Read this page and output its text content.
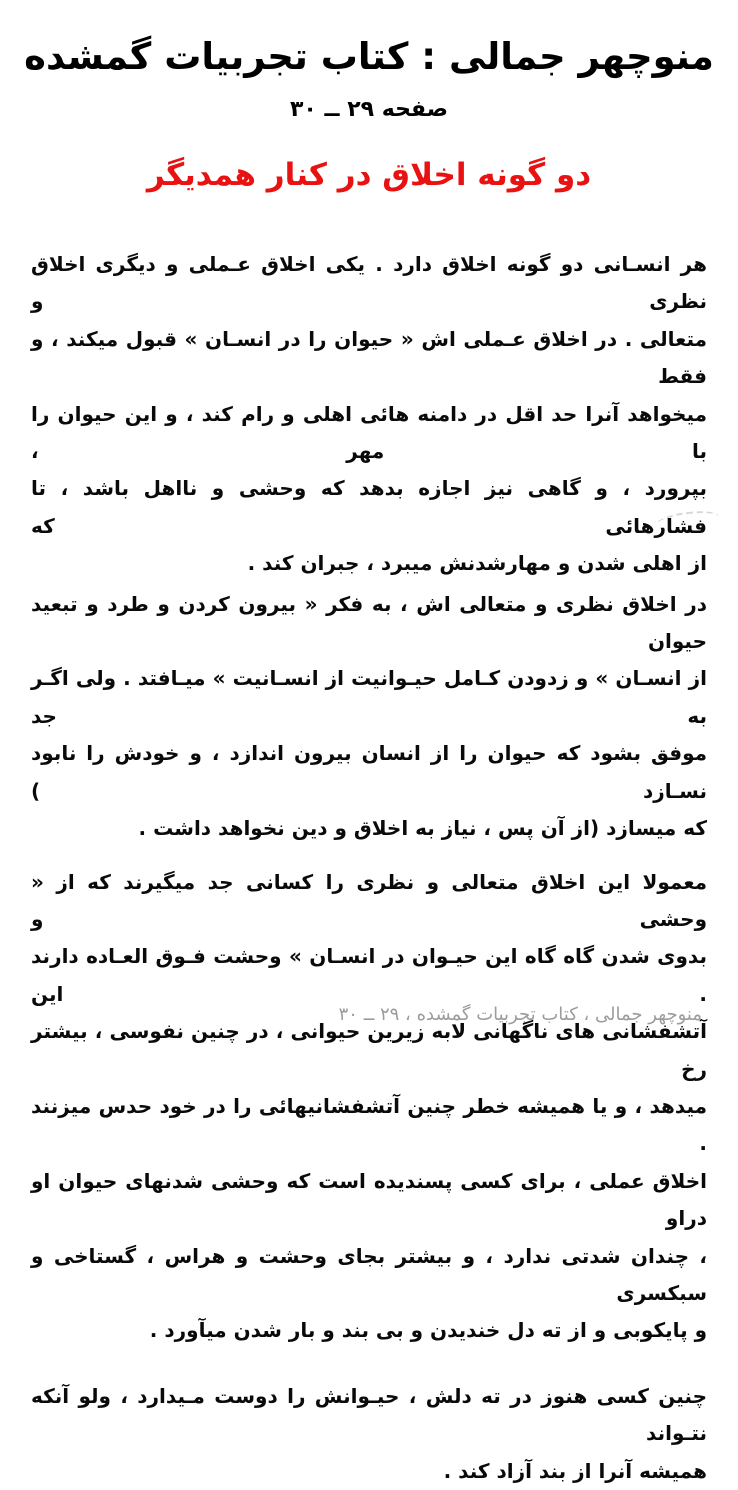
منوچهر جمالی : کتاب تجربیات گمشده
صفحه ۲۹ ــ ۳۰
دو گونه اخلاق در کنار همدیگر
هر انسـانی دو گونه اخلاق دارد . یکی اخلاق عـملی و دیگری اخلاق نظری و
متعالی . در اخلاق عـملی اش « حیوان را در انسـان » قبول میکند ، و فقط
میخواهد آنرا حد اقل در دامنه هائی اهلی و رام کند ، و این حیوان را با مهر ،
بپرورد ، و گاهی نیز اجازه بدهد که وحشی و نااهل باشد ، تا فشارهائی که
از اهلی شدن و مهارشدنش میبرد ، جبران کند .
در اخلاق نظری و متعالی اش ، به فکر « بیرون کردن و طرد و تبعید حیوان
از انسـان » و زدودن کـامل حیـوانیت از انسـانیت » میـافتد . ولی اگـر به جد
موفق بشود که حیوان را از انسان بیرون اندازد ، و خودش را نابود نسـازد )
که میسازد (از آن پس ، نیاز به اخلاق و دین نخواهد داشت .
معمولا این اخلاق متعالی و نظری را کسانی جد میگیرند که از « وحشی و
بدوی شدن گاه گاه این حیـوان در انسـان » وحشت فـوق العـاده دارند . این
آتشفشانی های ناگهانی لابه زیرین حیوانی ، در چنین نفوسی ، بیشتر رخ
میدهد ، و یا همیشه خطر چنین آتشفشانیهائی را در خود حدس میزنند .
اخلاق عملی ، برای کسی پسندیده است که وحشی شدنهای حیوان او دراو
، چندان شدتی ندارد ، و بیشتر بجای وحشت و هراس ، گستاخی و سبکسری
و پایکوبی و از ته دل خندیدن و بی بند و بار شدن میآورد .
چنین کسی هنوز در ته دلش ، حیـوانش را دوست مـیدارد ، ولو آنکه نتـواند
همیشه آنرا از بند آزاد کند .
منوچهر جمالی ، کتاب تجربیات گمشده ، ۲۹ ــ ۳۰
